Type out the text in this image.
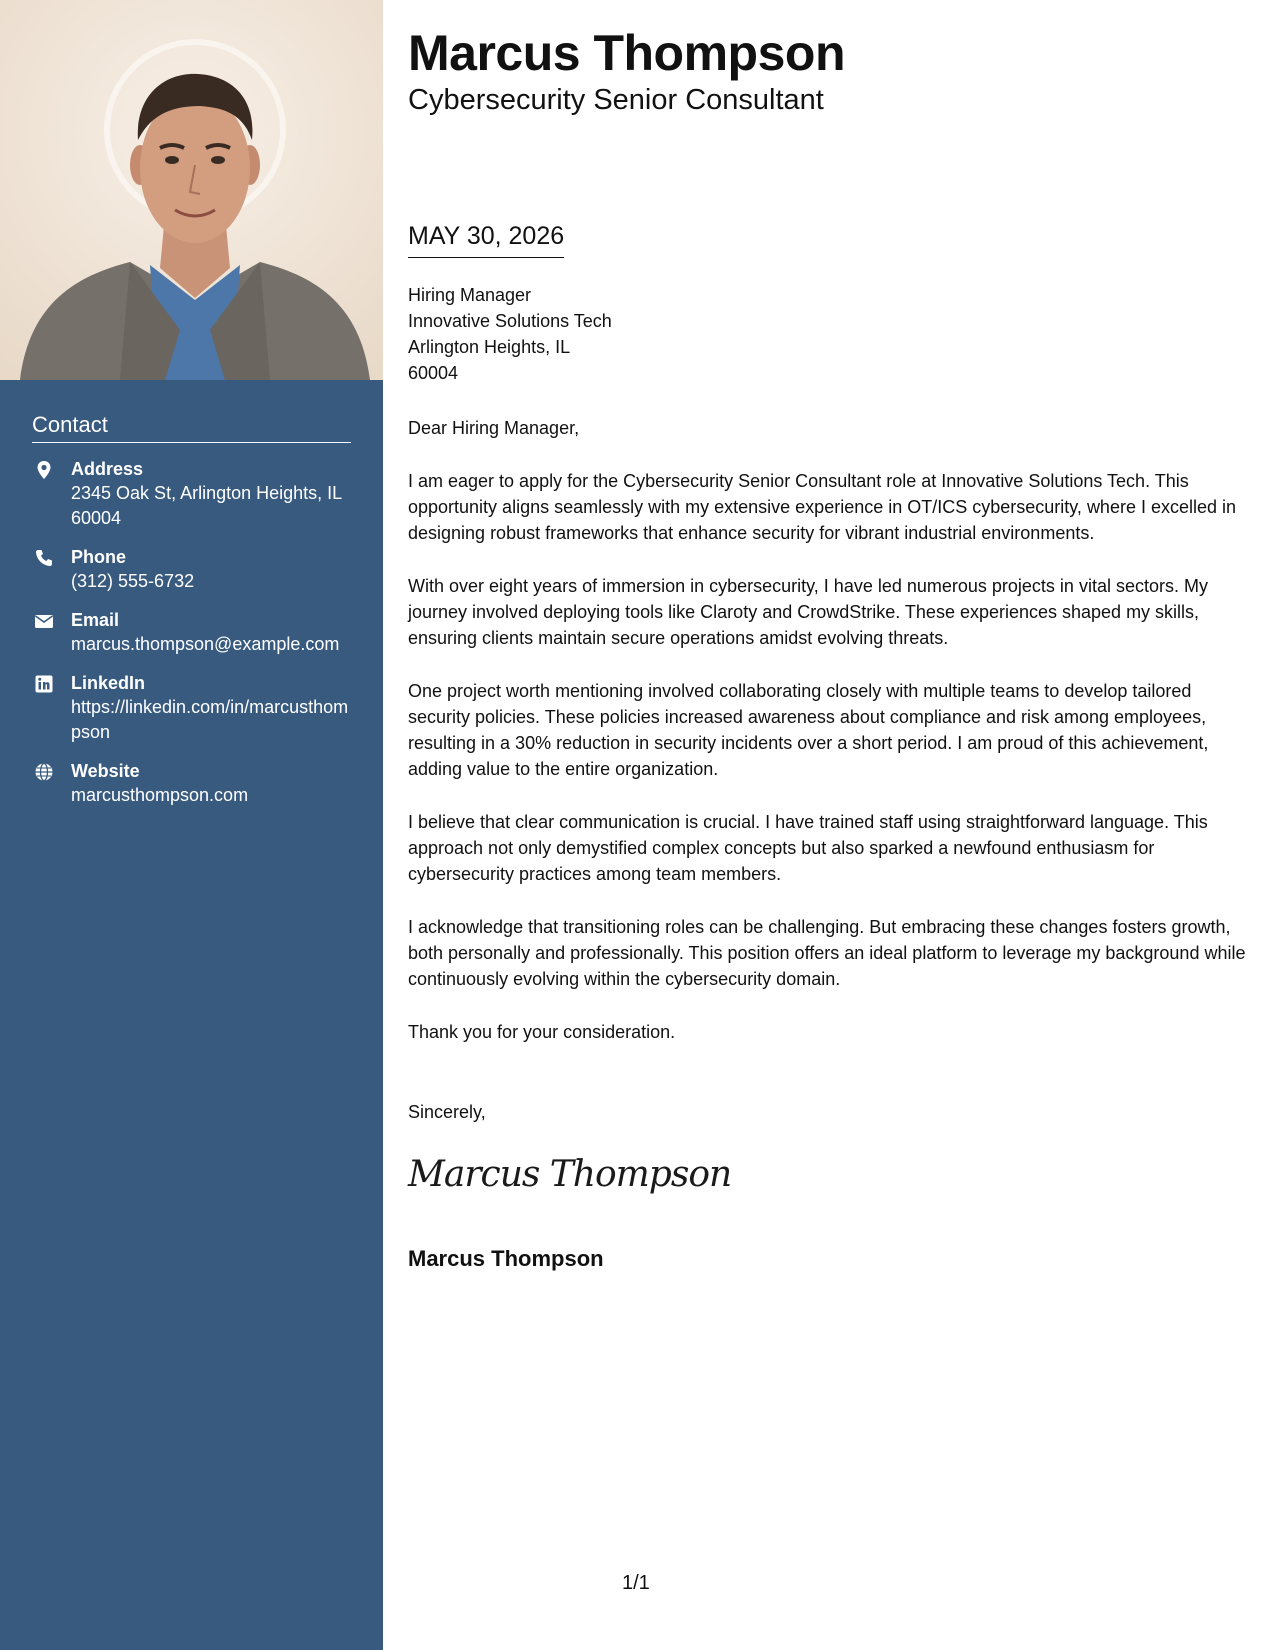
Contact
Address
2345 Oak St, Arlington Heights, IL 60004
Phone
(312) 555-6732
Email
marcus.thompson@example.com
LinkedIn
https://linkedin.com/in/marcusthompson
Website
marcusthompson.com
Marcus Thompson
Cybersecurity Senior Consultant
MAY 30, 2026
Hiring Manager
Innovative Solutions Tech
Arlington Heights, IL
60004

Dear Hiring Manager,

I am eager to apply for the Cybersecurity Senior Consultant role at Innovative Solutions Tech. This opportunity aligns seamlessly with my extensive experience in OT/ICS cybersecurity, where I excelled in designing robust frameworks that enhance security for vibrant industrial environments.

With over eight years of immersion in cybersecurity, I have led numerous projects in vital sectors. My journey involved deploying tools like Claroty and CrowdStrike. These experiences shaped my skills, ensuring clients maintain secure operations amidst evolving threats.

One project worth mentioning involved collaborating closely with multiple teams to develop tailored security policies. These policies increased awareness about compliance and risk among employees, resulting in a 30% reduction in security incidents over a short period. I am proud of this achievement, adding value to the entire organization.

I believe that clear communication is crucial. I have trained staff using straightforward language. This approach not only demystified complex concepts but also sparked a newfound enthusiasm for cybersecurity practices among team members.

I acknowledge that transitioning roles can be challenging. But embracing these changes fosters growth, both personally and professionally. This position offers an ideal platform to leverage my background while continuously evolving within the cybersecurity domain.

Thank you for your consideration.

Sincerely,
Marcus Thompson
Marcus Thompson
1/1
